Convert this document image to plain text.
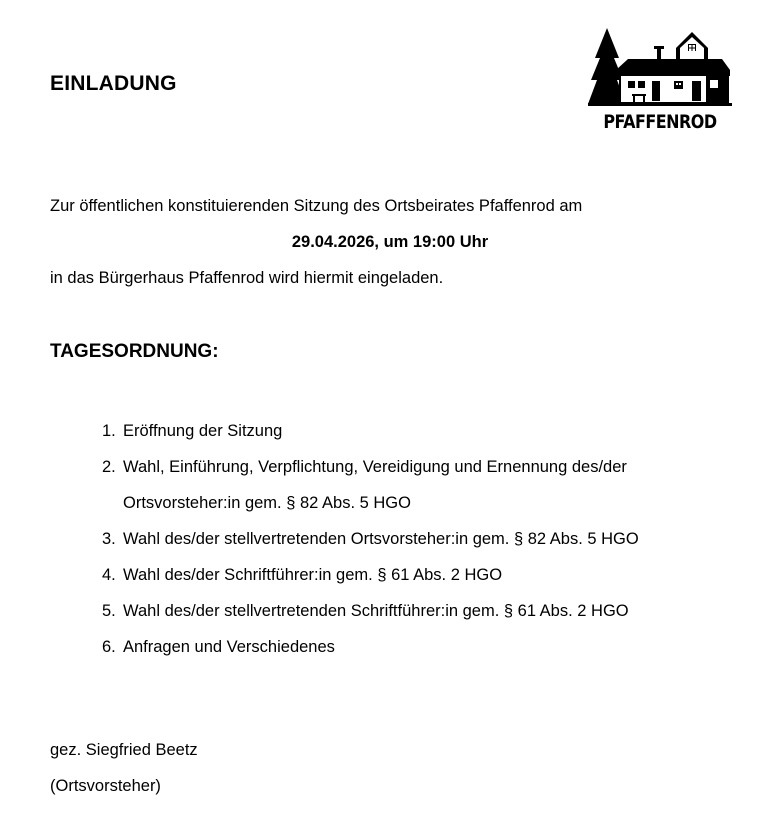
EINLADUNG
PFAFFENROD
Zur öffentlichen konstituierenden Sitzung des Ortsbeirates Pfaffenrod am
29.04.2026, um 19:00 Uhr
in das Bürgerhaus Pfaffenrod wird hiermit eingeladen.
TAGESORDNUNG:
1. Eröffnung der Sitzung
2. Wahl, Einführung, Verpflichtung, Vereidigung und Ernennung des/der
Ortsvorsteher:in gem. § 82 Abs. 5 HGO
3. Wahl des/der stellvertretenden Ortsvorsteher:in gem. § 82 Abs. 5 HGO
4. Wahl des/der Schriftführer:in gem. § 61 Abs. 2 HGO
5. Wahl des/der stellvertretenden Schriftführer:in gem. § 61 Abs. 2 HGO
6. Anfragen und Verschiedenes
gez. Siegfried Beetz
(Ortsvorsteher)
